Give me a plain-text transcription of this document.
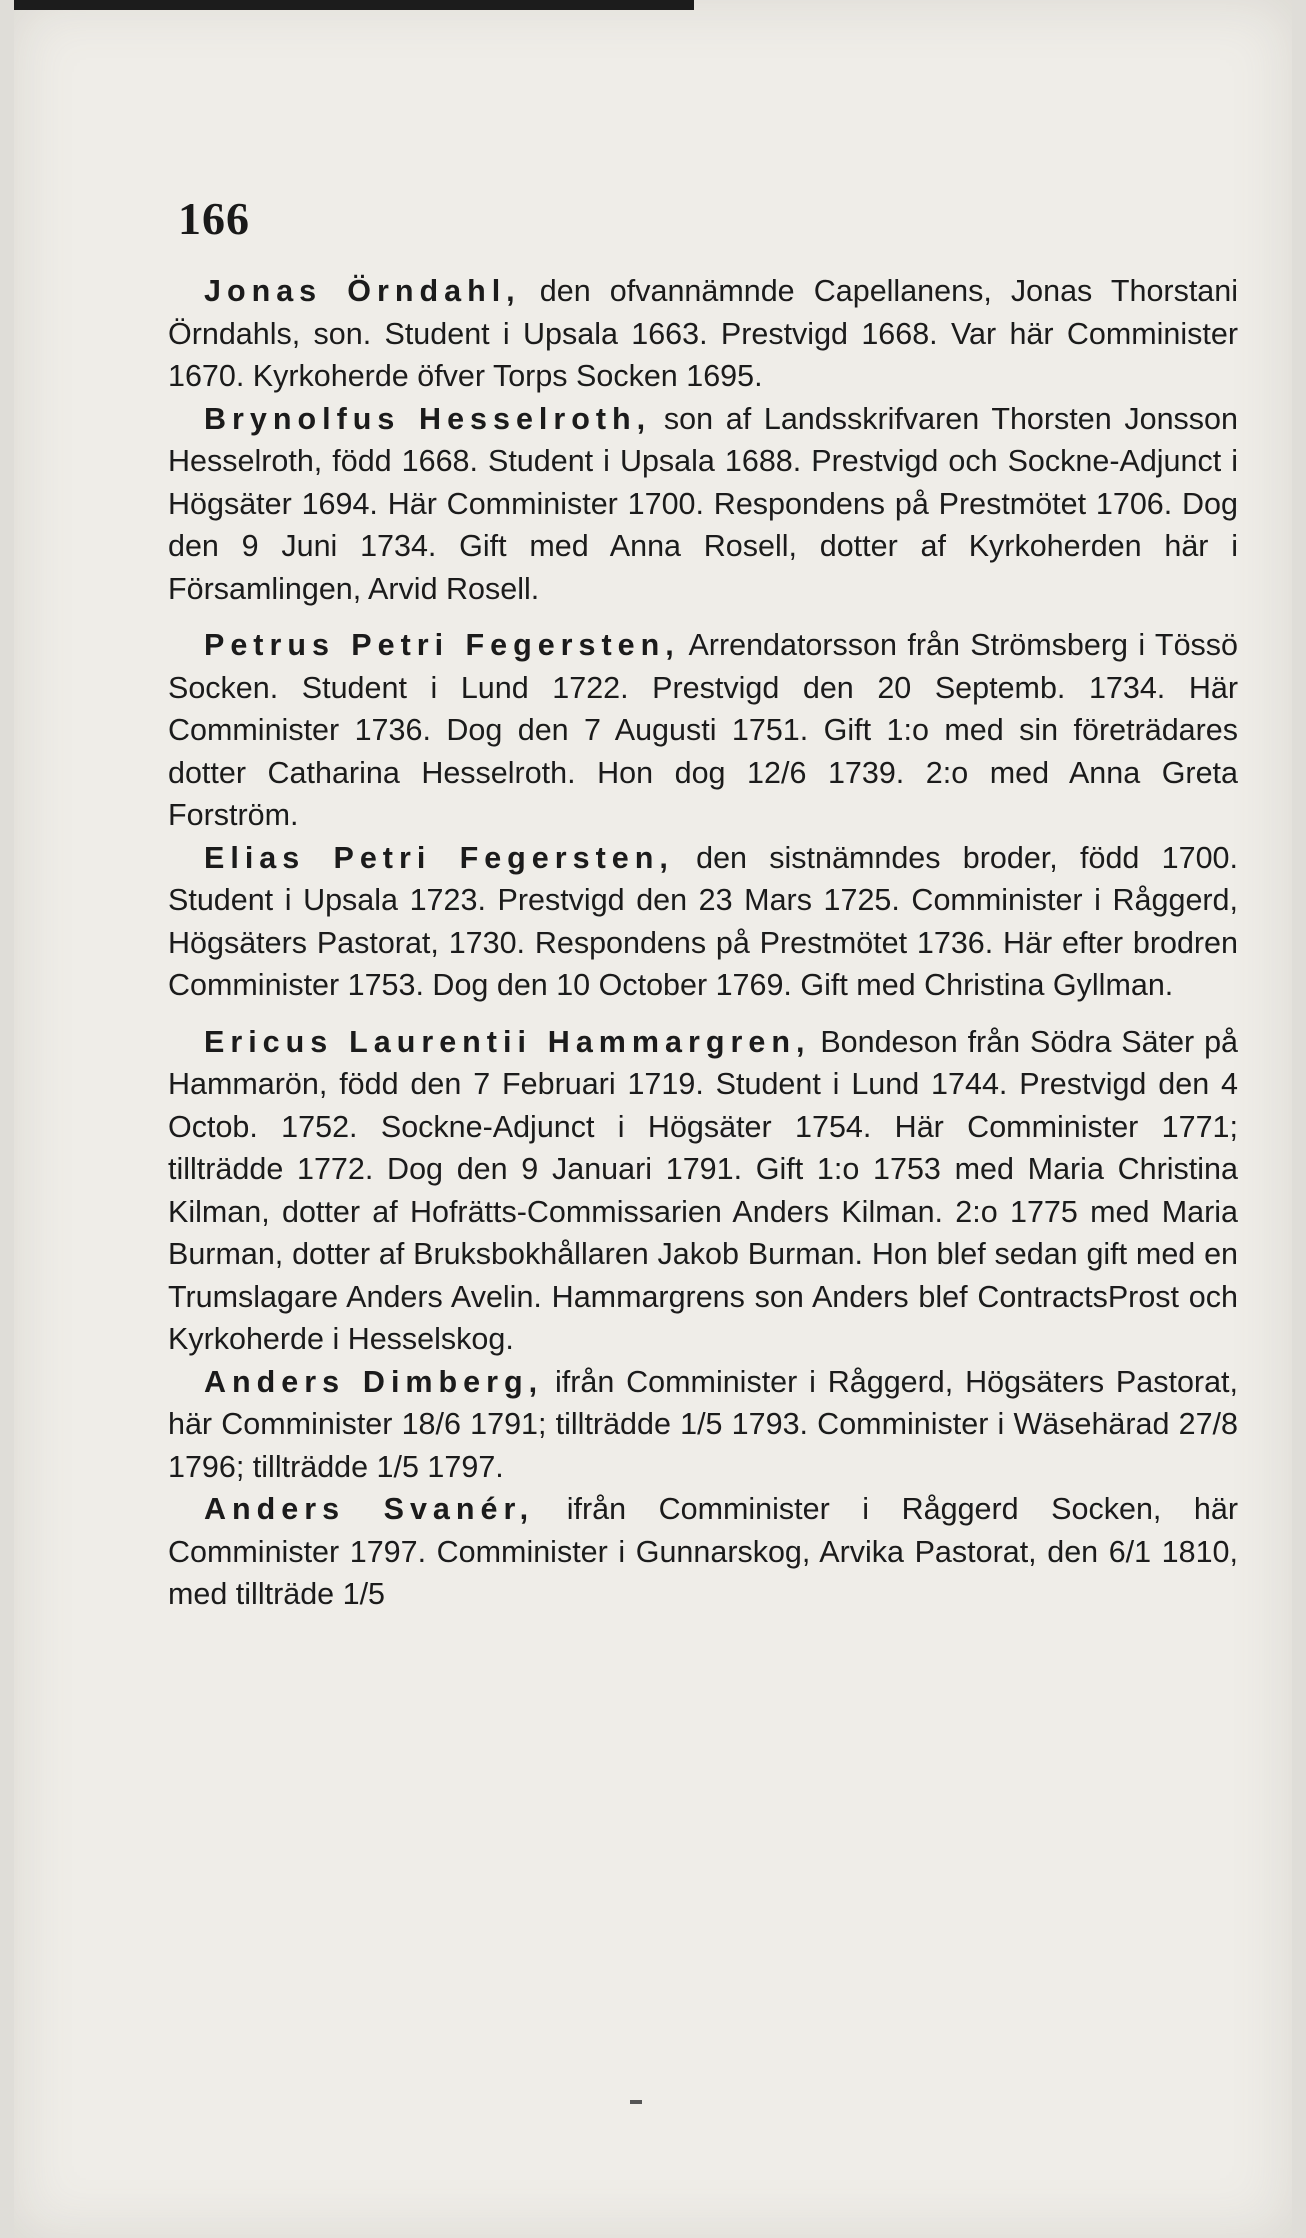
166

Jonas Örndahl, den ofvannämnde Capellanens, Jonas Thorstani Örndahls, son. Student i Upsala 1663. Prestvigd 1668. Var här Comminister 1670. Kyrkoherde öfver Torps Socken 1695.

Brynolfus Hesselroth, son af Landsskrifvaren Thorsten Jonsson Hesselroth, född 1668. Student i Upsala 1688. Prestvigd och Sockne-Adjunct i Högsäter 1694. Här Comminister 1700. Respondens på Prestmötet 1706. Dog den 9 Juni 1734. Gift med Anna Rosell, dotter af Kyrkoherden här i Församlingen, Arvid Rosell.

Petrus Petri Fegersten, Arrendatorsson från Strömsberg i Tössö Socken. Student i Lund 1722. Prestvigd den 20 Septemb. 1734. Här Comminister 1736. Dog den 7 Augusti 1751. Gift 1:o med sin företrädares dotter Catharina Hesselroth. Hon dog 12/6 1739. 2:o med Anna Greta Forström.

Elias Petri Fegersten, den sistnämndes broder, född 1700. Student i Upsala 1723. Prestvigd den 23 Mars 1725. Comminister i Råggerd, Högsäters Pastorat, 1730. Respondens på Prestmötet 1736. Här efter brodren Comminister 1753. Dog den 10 October 1769. Gift med Christina Gyllman.

Ericus Laurentii Hammargren, Bondeson från Södra Säter på Hammarön, född den 7 Februari 1719. Student i Lund 1744. Prestvigd den 4 Octob. 1752. Sockne-Adjunct i Högsäter 1754. Här Comminister 1771; tillträdde 1772. Dog den 9 Januari 1791. Gift 1:o 1753 med Maria Christina Kilman, dotter af Hofrätts-Commissarien Anders Kilman. 2:o 1775 med Maria Burman, dotter af Bruksbokhållaren Jakob Burman. Hon blef sedan gift med en Trumslagare Anders Avelin. Hammargrens son Anders blef ContractsProst och Kyrkoherde i Hesselskog.

Anders Dimberg, ifrån Comminister i Råggerd, Högsäters Pastorat, här Comminister 18/6 1791; tillträdde 1/5 1793. Comminister i Wäsehärad 27/8 1796; tillträdde 1/5 1797.

Anders Svanér, ifrån Comminister i Råggerd Socken, här Comminister 1797. Comminister i Gunnarskog, Arvika Pastorat, den 6/1 1810, med tillträde 1/5
